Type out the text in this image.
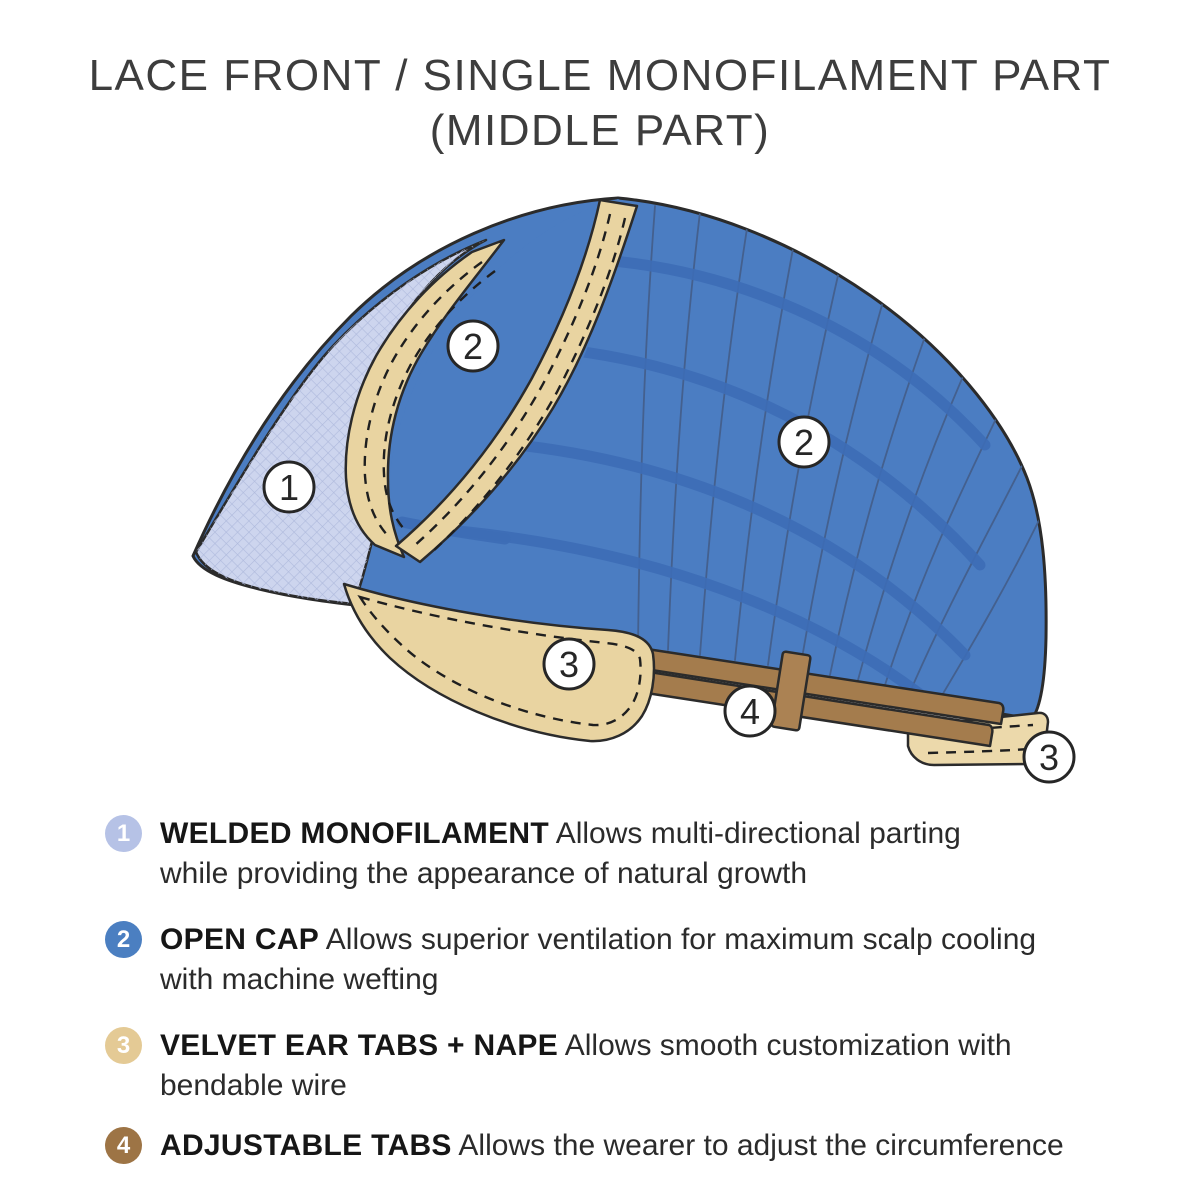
LACE FRONT / SINGLE MONOFILAMENT PART
(MIDDLE PART)
1
2
2
3
4
3
1 WELDED MONOFILAMENT Allows multi-directional parting
while providing the appearance of natural growth
2 OPEN CAP Allows superior ventilation for maximum scalp cooling
with machine wefting
3 VELVET EAR TABS + NAPE Allows smooth customization with
bendable wire
4 ADJUSTABLE TABS Allows the wearer to adjust the circumference
